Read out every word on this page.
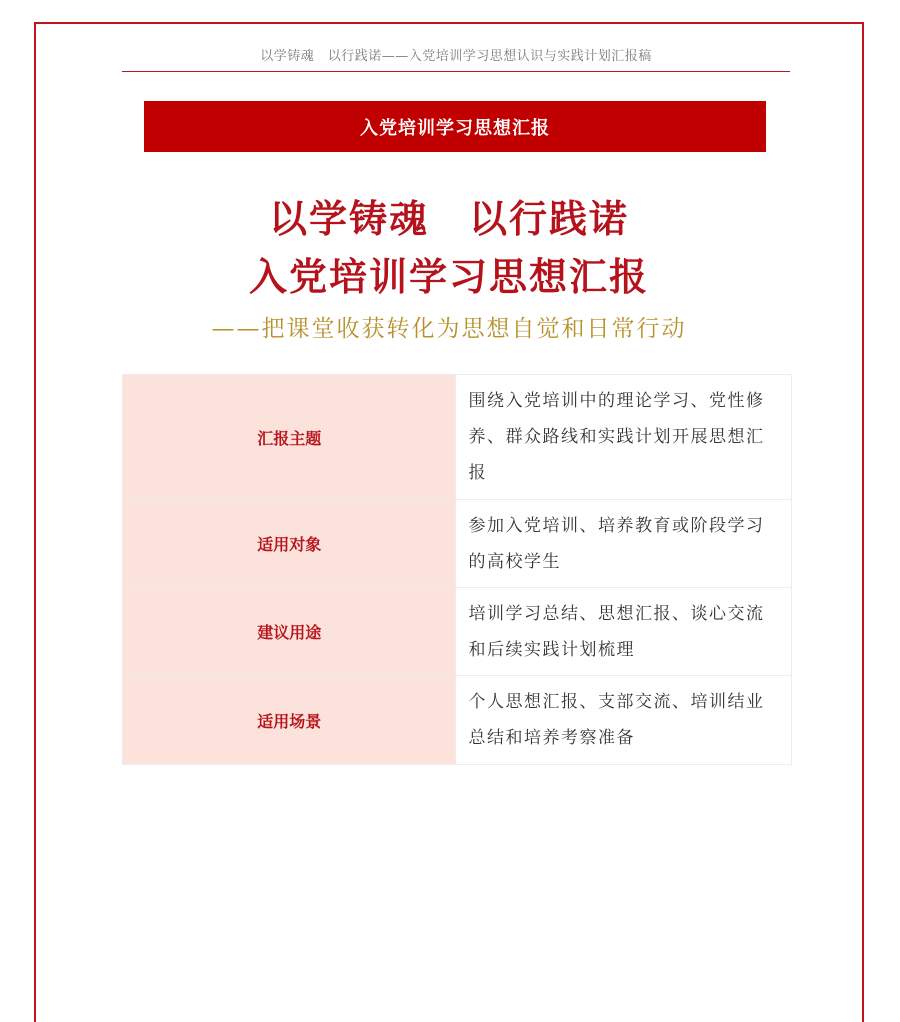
以学铸魂　以行践诺——入党培训学习思想认识与实践计划汇报稿
入党培训学习思想汇报
以学铸魂 以行践诺
入党培训学习思想汇报
——把课堂收获转化为思想自觉和日常行动
汇报主题	围绕入党培训中的理论学习、党性修养、群众路线和实践计划开展思想汇报
适用对象	参加入党培训、培养教育或阶段学习的高校学生
建议用途	培训学习总结、思想汇报、谈心交流和后续实践计划梳理
适用场景	个人思想汇报、支部交流、培训结业总结和培养考察准备
